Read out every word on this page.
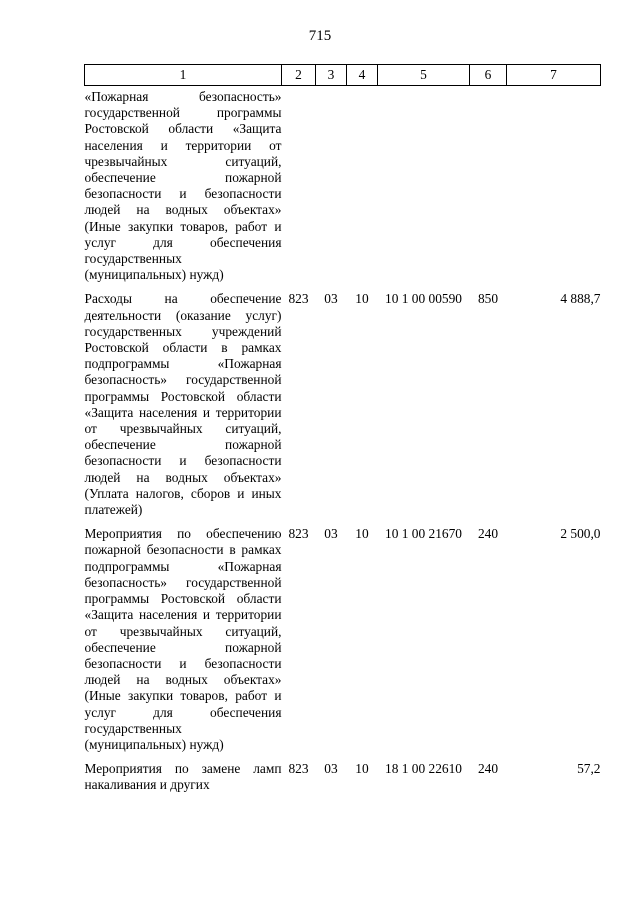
715
1	2	3	4	5	6	7
«Пожарная безопасность» государственной программы Ростовской области «Защита населения и территории от чрезвычайных ситуаций, обеспечение пожарной безопасности и безопасности людей на водных объектах» (Иные закупки товаров, работ и услуг для обеспечения государственных (муниципальных) нужд)						
Расходы на обеспечение деятельности (оказание услуг) государственных учреждений Ростовской области в рамках подпрограммы «Пожарная безопасность» государственной программы Ростовской области «Защита населения и территории от чрезвычайных ситуаций, обеспечение пожарной безопасности и безопасности людей на водных объектах» (Уплата налогов, сборов и иных платежей)	823	03	10	10 1 00 00590	850	4 888,7
Мероприятия по обеспечению пожарной безопасности в рамках подпрограммы «Пожарная безопасность» государственной программы Ростовской области «Защита населения и территории от чрезвычайных ситуаций, обеспечение пожарной безопасности и безопасности людей на водных объектах» (Иные закупки товаров, работ и услуг для обеспечения государственных (муниципальных) нужд)	823	03	10	10 1 00 21670	240	2 500,0
Мероприятия по замене ламп накаливания и других	823	03	10	18 1 00 22610	240	57,2
